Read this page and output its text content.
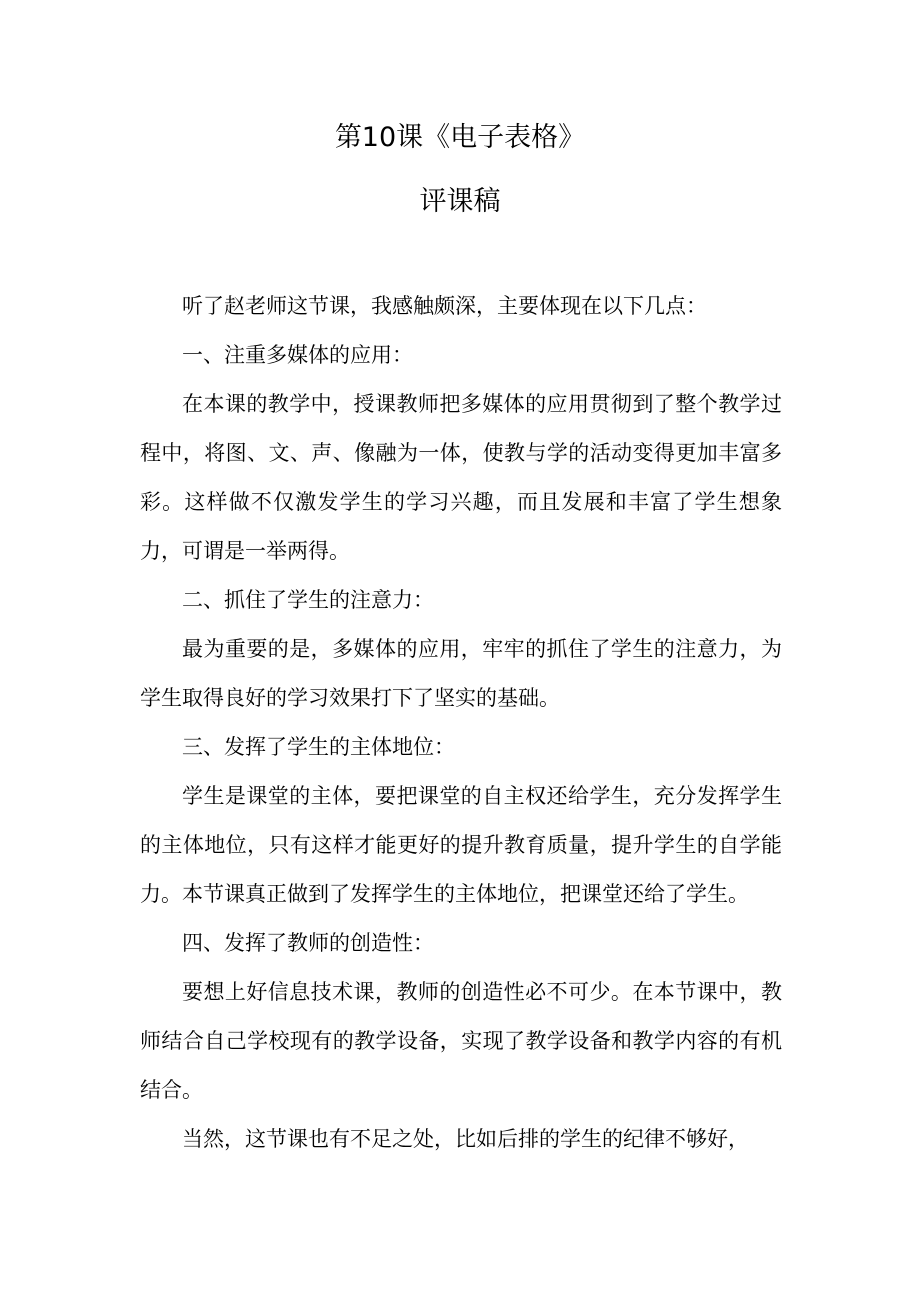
第10课《电子表格》
评课稿

听了赵老师这节课，我感触颇深，主要体现在以下几点：

一、注重多媒体的应用：

在本课的教学中，授课教师把多媒体的应用贯彻到了整个教学过程中，将图、文、声、像融为一体，使教与学的活动变得更加丰富多彩。这样做不仅激发学生的学习兴趣，而且发展和丰富了学生想象力，可谓是一举两得。

二、抓住了学生的注意力：

最为重要的是，多媒体的应用，牢牢的抓住了学生的注意力，为学生取得良好的学习效果打下了坚实的基础。

三、发挥了学生的主体地位：

学生是课堂的主体，要把课堂的自主权还给学生，充分发挥学生的主体地位，只有这样才能更好的提升教育质量，提升学生的自学能力。本节课真正做到了发挥学生的主体地位，把课堂还给了学生。

四、发挥了教师的创造性：

要想上好信息技术课，教师的创造性必不可少。在本节课中，教师结合自己学校现有的教学设备，实现了教学设备和教学内容的有机结合。

当然，这节课也有不足之处，比如后排的学生的纪律不够好，
